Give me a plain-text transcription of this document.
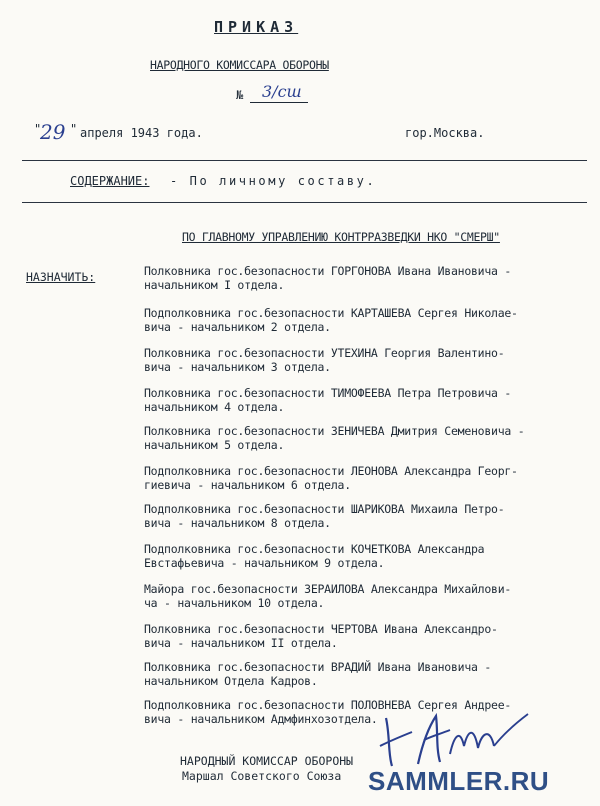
ПРИКАЗ
НАРОДНОГО КОМИССАРА ОБОРОНЫ
№ 3/сш
"
29 " апреля 1943 года.	гор.Москва.
СОДЕРЖАНИЕ: - По личному составу.
ПО ГЛАВНОМУ УПРАВЛЕНИЮ КОНТРРАЗВЕДКИ НКО "СМЕРШ"
НАЗНАЧИТЬ:	Полковника гос.безопасности ГОРГОНОВА Ивана Ивановича -
начальником I отдела.
Подполковника гос.безопасности КАРТАШЕВА Сергея Николае-
вича - начальником 2 отдела.
Полковника гос.безопасности УТЕХИНА Георгия Валентино-
вича - начальником 3 отдела.
Полковника гос.безопасности ТИМОФЕЕВА Петра Петровича -
начальником 4 отдела.
Полковника гос.безопасности ЗЕНИЧЕВА Дмитрия Семеновича -
начальником 5 отдела.
Подполковника гос.безопасности ЛЕОНОВА Александра Георг-
гиевича - начальником 6 отдела.
Подполковника гос.безопасности ШАРИКОВА Михаила Петро-
вича - начальником 8 отдела.
Подполковника гос.безопасности КОЧЕТКОВА Александра
Евстафьевича - начальником 9 отдела.
Майора гос.безопасности ЗЕРАИЛОВА Александра Михайлови-
ча - начальником 10 отдела.
Полковника гос.безопасности ЧЕРТОВА Ивана Александро-
вича - начальником II отдела.
Полковника гос.безопасности ВРАДИЙ Ивана Ивановича -
начальником Отдела Кадров.
Подполковника гос.безопасности ПОЛОВНЕВА Сергея Андрее-
вича - начальником Адмфинхозотдела.
НАРОДНЫЙ КОМИССАР ОБОРОНЫ
Маршал Советского Союза SAMMLER.RU
